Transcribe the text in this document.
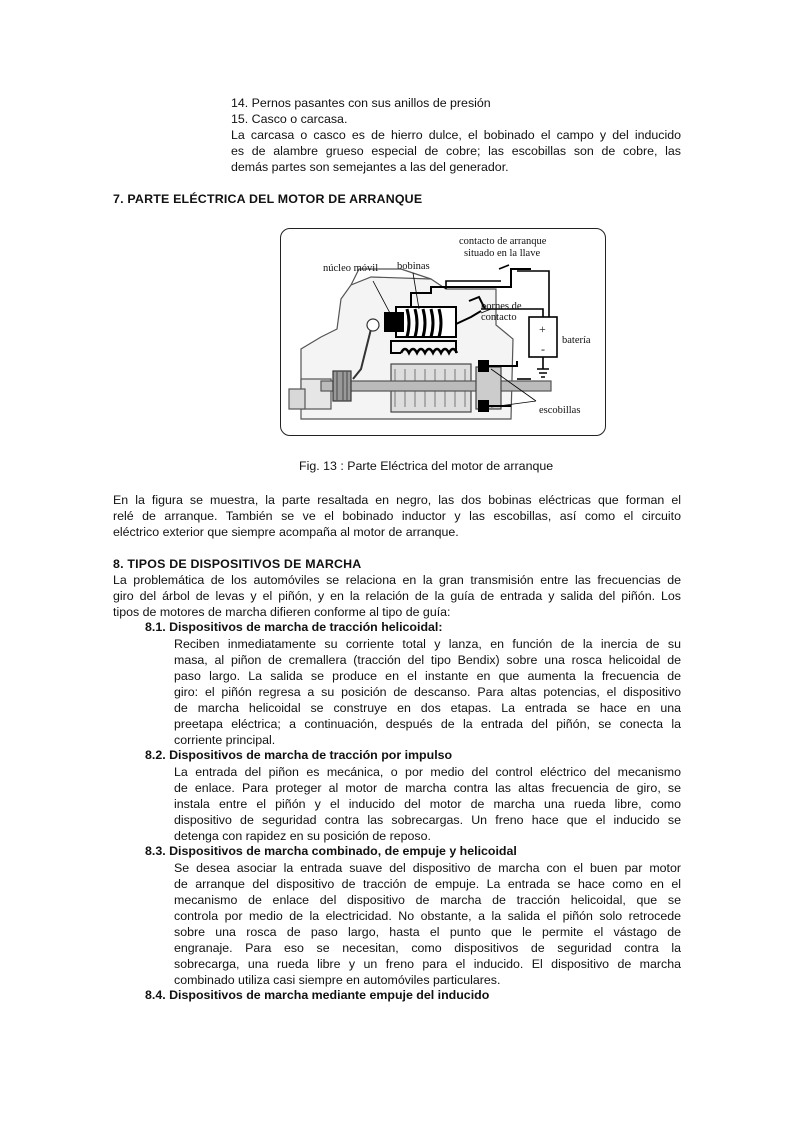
14. Pernos pasantes con sus anillos de presión
15. Casco o carcasa.
La carcasa o casco es de hierro dulce, el bobinado el campo y del inducido
es de alambre grueso especial de cobre; las escobillas son de cobre, las
demás partes son semejantes a las del generador.
7. PARTE ELÉCTRICA DEL MOTOR DE ARRANQUE
contacto de arranque
situado en la llave
núcleo móvil bobinas
bornes de
contacto
batería
escobillas
+
-
Fig. 13 : Parte Eléctrica del motor de arranque
En la figura se muestra, la parte resaltada en negro, las dos bobinas eléctricas que forman el
relé de arranque. También se ve el bobinado inductor y las escobillas, así como el circuito
eléctrico exterior que siempre acompaña al motor de arranque.
8. TIPOS DE DISPOSITIVOS DE MARCHA
La problemática de los automóviles se relaciona en la gran transmisión entre las frecuencias de
giro del árbol de levas y el piñón, y en la relación de la guía de entrada y salida del piñón. Los
tipos de motores de marcha difieren conforme al tipo de guía:
8.1. Dispositivos de marcha de tracción helicoidal:
Reciben inmediatamente su corriente total y lanza, en función de la inercia de su
masa, al piñon de cremallera (tracción del tipo Bendix) sobre una rosca helicoidal de
paso largo. La salida se produce en el instante en que aumenta la frecuencia de
giro: el piñón regresa a su posición de descanso. Para altas potencias, el dispositivo
de marcha helicoidal se construye en dos etapas. La entrada se hace en una
preetapa eléctrica; a continuación, después de la entrada del piñón, se conecta la
corriente principal.
8.2. Dispositivos de marcha de tracción por impulso
La entrada del piñon es mecánica, o por medio del control eléctrico del mecanismo
de enlace. Para proteger al motor de marcha contra las altas frecuencia de giro, se
instala entre el piñón y el inducido del motor de marcha una rueda libre, como
dispositivo de seguridad contra las sobrecargas. Un freno hace que el inducido se
detenga con rapidez en su posición de reposo.
8.3. Dispositivos de marcha combinado, de empuje y helicoidal
Se desea asociar la entrada suave del dispositivo de marcha con el buen par motor
de arranque del dispositivo de tracción de empuje. La entrada se hace como en el
mecanismo de enlace del dispositivo de marcha de tracción helicoidal, que se
controla por medio de la electricidad. No obstante, a la salida el piñón solo retrocede
sobre una rosca de paso largo, hasta el punto que le permite el vástago de
engranaje. Para eso se necesitan, como dispositivos de seguridad contra la
sobrecarga, una rueda libre y un freno para el inducido. El dispositivo de marcha
combinado utiliza casi siempre en automóviles particulares.
8.4. Dispositivos de marcha mediante empuje del inducido
